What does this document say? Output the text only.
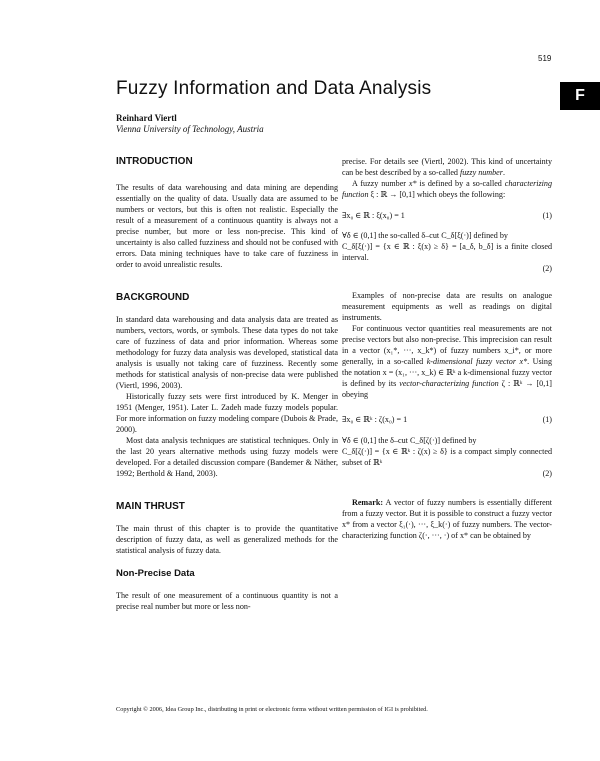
519
F
Fuzzy Information and Data Analysis
Reinhard Viertl
Vienna University of Technology, Austria
INTRODUCTION

The results of data warehousing and data mining are depending essentially on the quality of data. Usually data are assumed to be numbers or vectors, but this is often not realistic. Especially the result of a measurement of a continuous quantity is always not a precise number, but more or less non-precise. This kind of uncertainty is also called fuzziness and should not be confused with errors. Data mining techniques have to take care of fuzziness in order to avoid unrealistic results.

BACKGROUND

In standard data warehousing and data analysis data are treated as numbers, vectors, words, or symbols. These data types do not take care of fuzziness of data and prior information. Whereas some methodology for fuzzy data analysis was developed, statistical data analysis is usually not taking care of fuzziness. Recently some methods for statistical analysis of non-precise data were published (Viertl, 1996, 2003).

Historically fuzzy sets were first introduced by K. Menger in 1951 (Menger, 1951). Later L. Zadeh made fuzzy models popular. For more information on fuzzy modeling compare (Dubois & Prade, 2000).

Most data analysis techniques are statistical techniques. Only in the last 20 years alternative methods using fuzzy models were developed. For a detailed discussion compare (Bandemer & Näther, 1992; Berthold & Hand, 2003).

MAIN THRUST

The main thrust of this chapter is to provide the quantitative description of fuzzy data, as well as generalized methods for the statistical analysis of fuzzy data.

Non-Precise Data

The result of one measurement of a continuous quantity is not a precise real number but more or less non-

precise. For details see (Viertl, 2002). This kind of uncertainty can be best described by a so-called fuzzy number.

A fuzzy number x* is defined by a so-called characterizing function ξ : ℝ → [0,1] which obeys the following:

∃x₀ ∈ ℝ : ξ(x₀) = 1	(1)

∀δ ∈ (0,1] the so-called δ–cut C_δ[ξ(·)] defined by

C_δ[ξ(·)] = {x ∈ ℝ : ξ(x) ≥ δ} = [a_δ, b_δ] is a finite closed interval.

(2)

Examples of non-precise data are results on analogue measurement equipments as well as readings on digital instruments.

For continuous vector quantities real measurements are not precise vectors but also non-precise. This imprecision can result in a vector (x₁*, ···, x_k*) of fuzzy numbers x_i*, or more generally, in a so-called k-dimensional fuzzy vector x*. Using the notation x = (x₁, ···, x_k) ∈ ℝᵏ a k-dimensional fuzzy vector is defined by its vector-characterizing function ζ : ℝᵏ → [0,1] obeying

∃x₀ ∈ ℝᵏ : ζ(x₀) = 1	(1)

∀δ ∈ (0,1] the δ–cut C_δ[ζ(·)] defined by

C_δ[ζ(·)] = {x ∈ ℝᵏ : ζ(x) ≥ δ} is a compact simply connected subset of ℝᵏ

(2)

Remark: A vector of fuzzy numbers is essentially different from a fuzzy vector. But it is possible to construct a fuzzy vector x* from a vector ξ₁(·), ···, ξ_k(·) of fuzzy numbers. The vector-characterizing function ζ(·, ···, ·) of x* can be obtained by

Copyright © 2006, Idea Group Inc., distributing in print or electronic forms without written permission of IGI is prohibited.
